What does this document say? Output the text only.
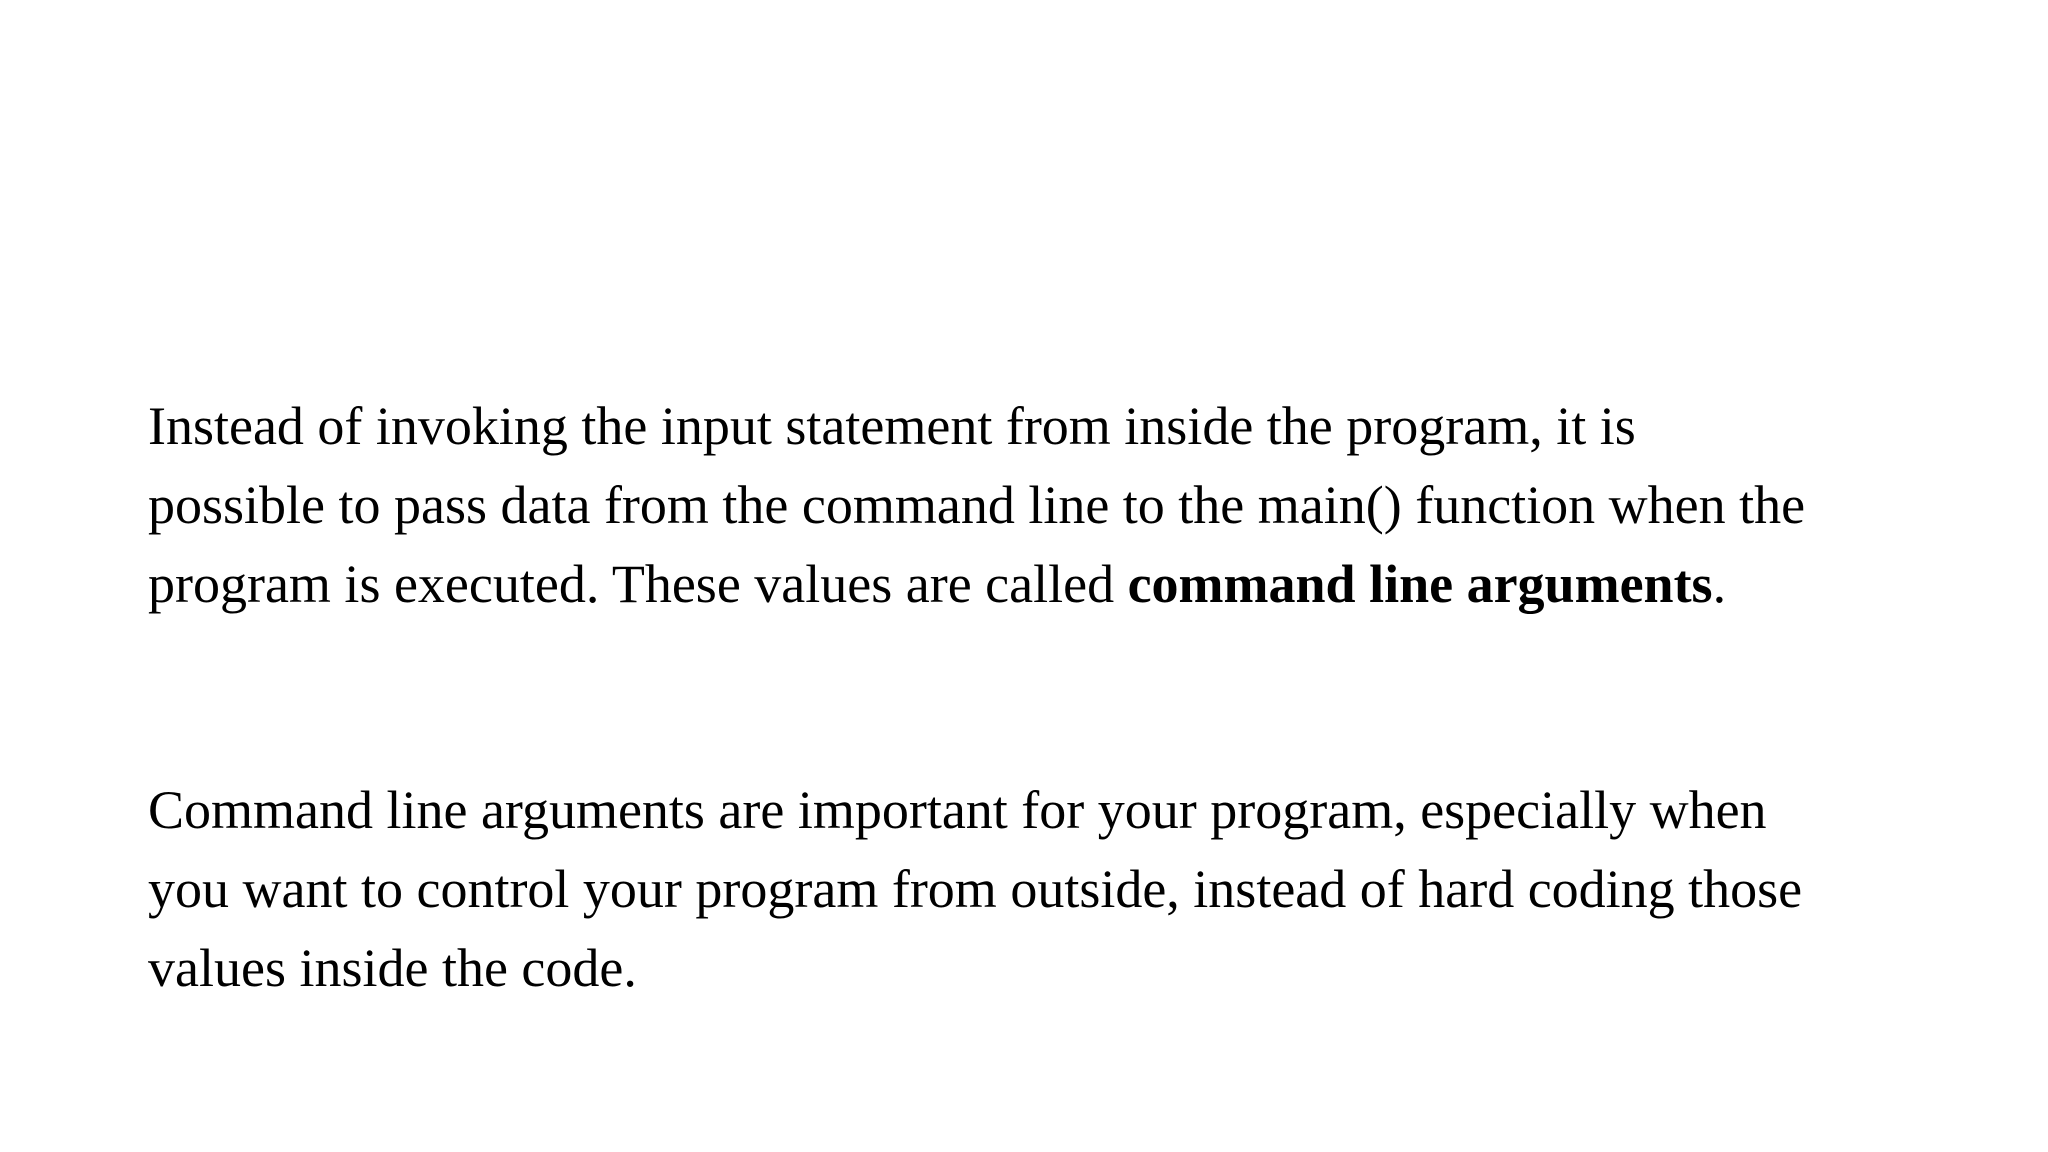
Instead of invoking the input statement from inside the program, it is
possible to pass data from the command line to the main() function when the
program is executed. These values are called command line arguments.

Command line arguments are important for your program, especially when
you want to control your program from outside, instead of hard coding those
values inside the code.
